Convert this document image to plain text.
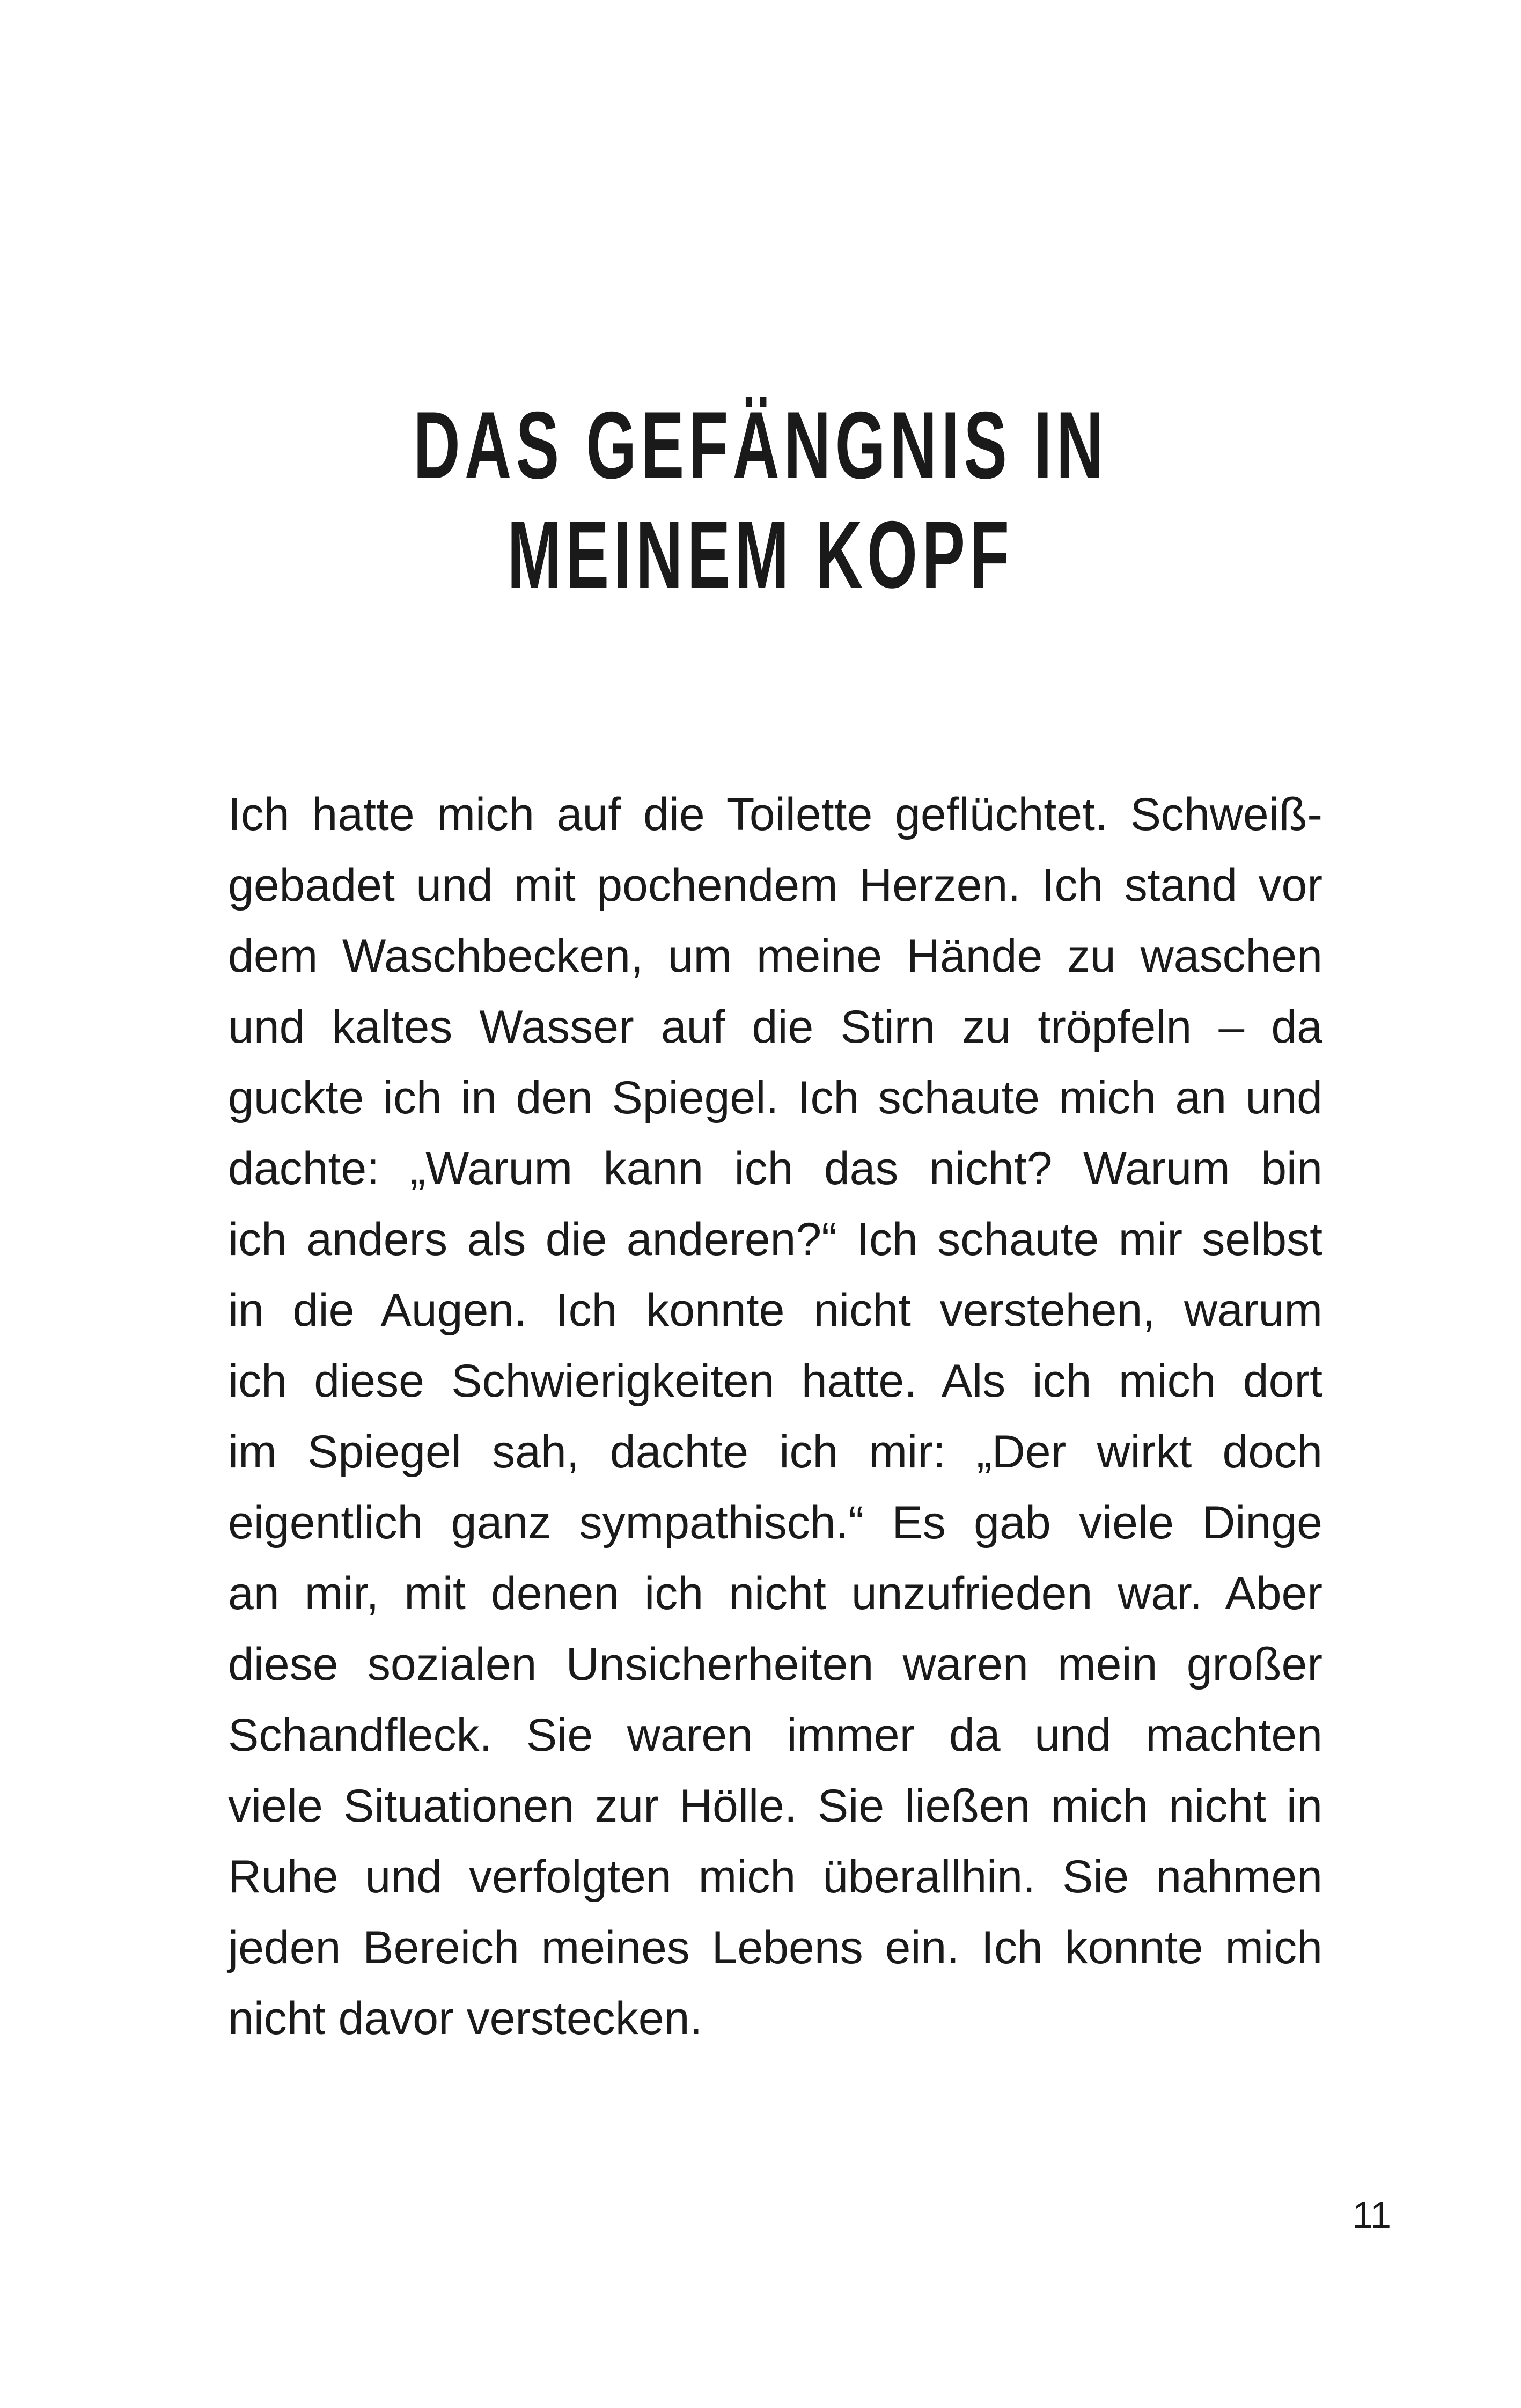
DAS GEFÄNGNIS IN
MEINEM KOPF
Ich hatte mich auf die Toilette geflüchtet. Schweiß-
gebadet und mit pochendem Herzen. Ich stand vor
dem Waschbecken, um meine Hände zu waschen
und kaltes Wasser auf die Stirn zu tröpfeln – da
guckte ich in den Spiegel. Ich schaute mich an und
dachte: „Warum kann ich das nicht? Warum bin
ich anders als die anderen?“ Ich schaute mir selbst
in die Augen. Ich konnte nicht verstehen, warum
ich diese Schwierigkeiten hatte. Als ich mich dort
im Spiegel sah, dachte ich mir: „Der wirkt doch
eigentlich ganz sympathisch.“ Es gab viele Dinge
an mir, mit denen ich nicht unzufrieden war. Aber
diese sozialen Unsicherheiten waren mein großer
Schandfleck. Sie waren immer da und machten
viele Situationen zur Hölle. Sie ließen mich nicht in
Ruhe und verfolgten mich überallhin. Sie nahmen
jeden Bereich meines Lebens ein. Ich konnte mich
nicht davor verstecken.
11
